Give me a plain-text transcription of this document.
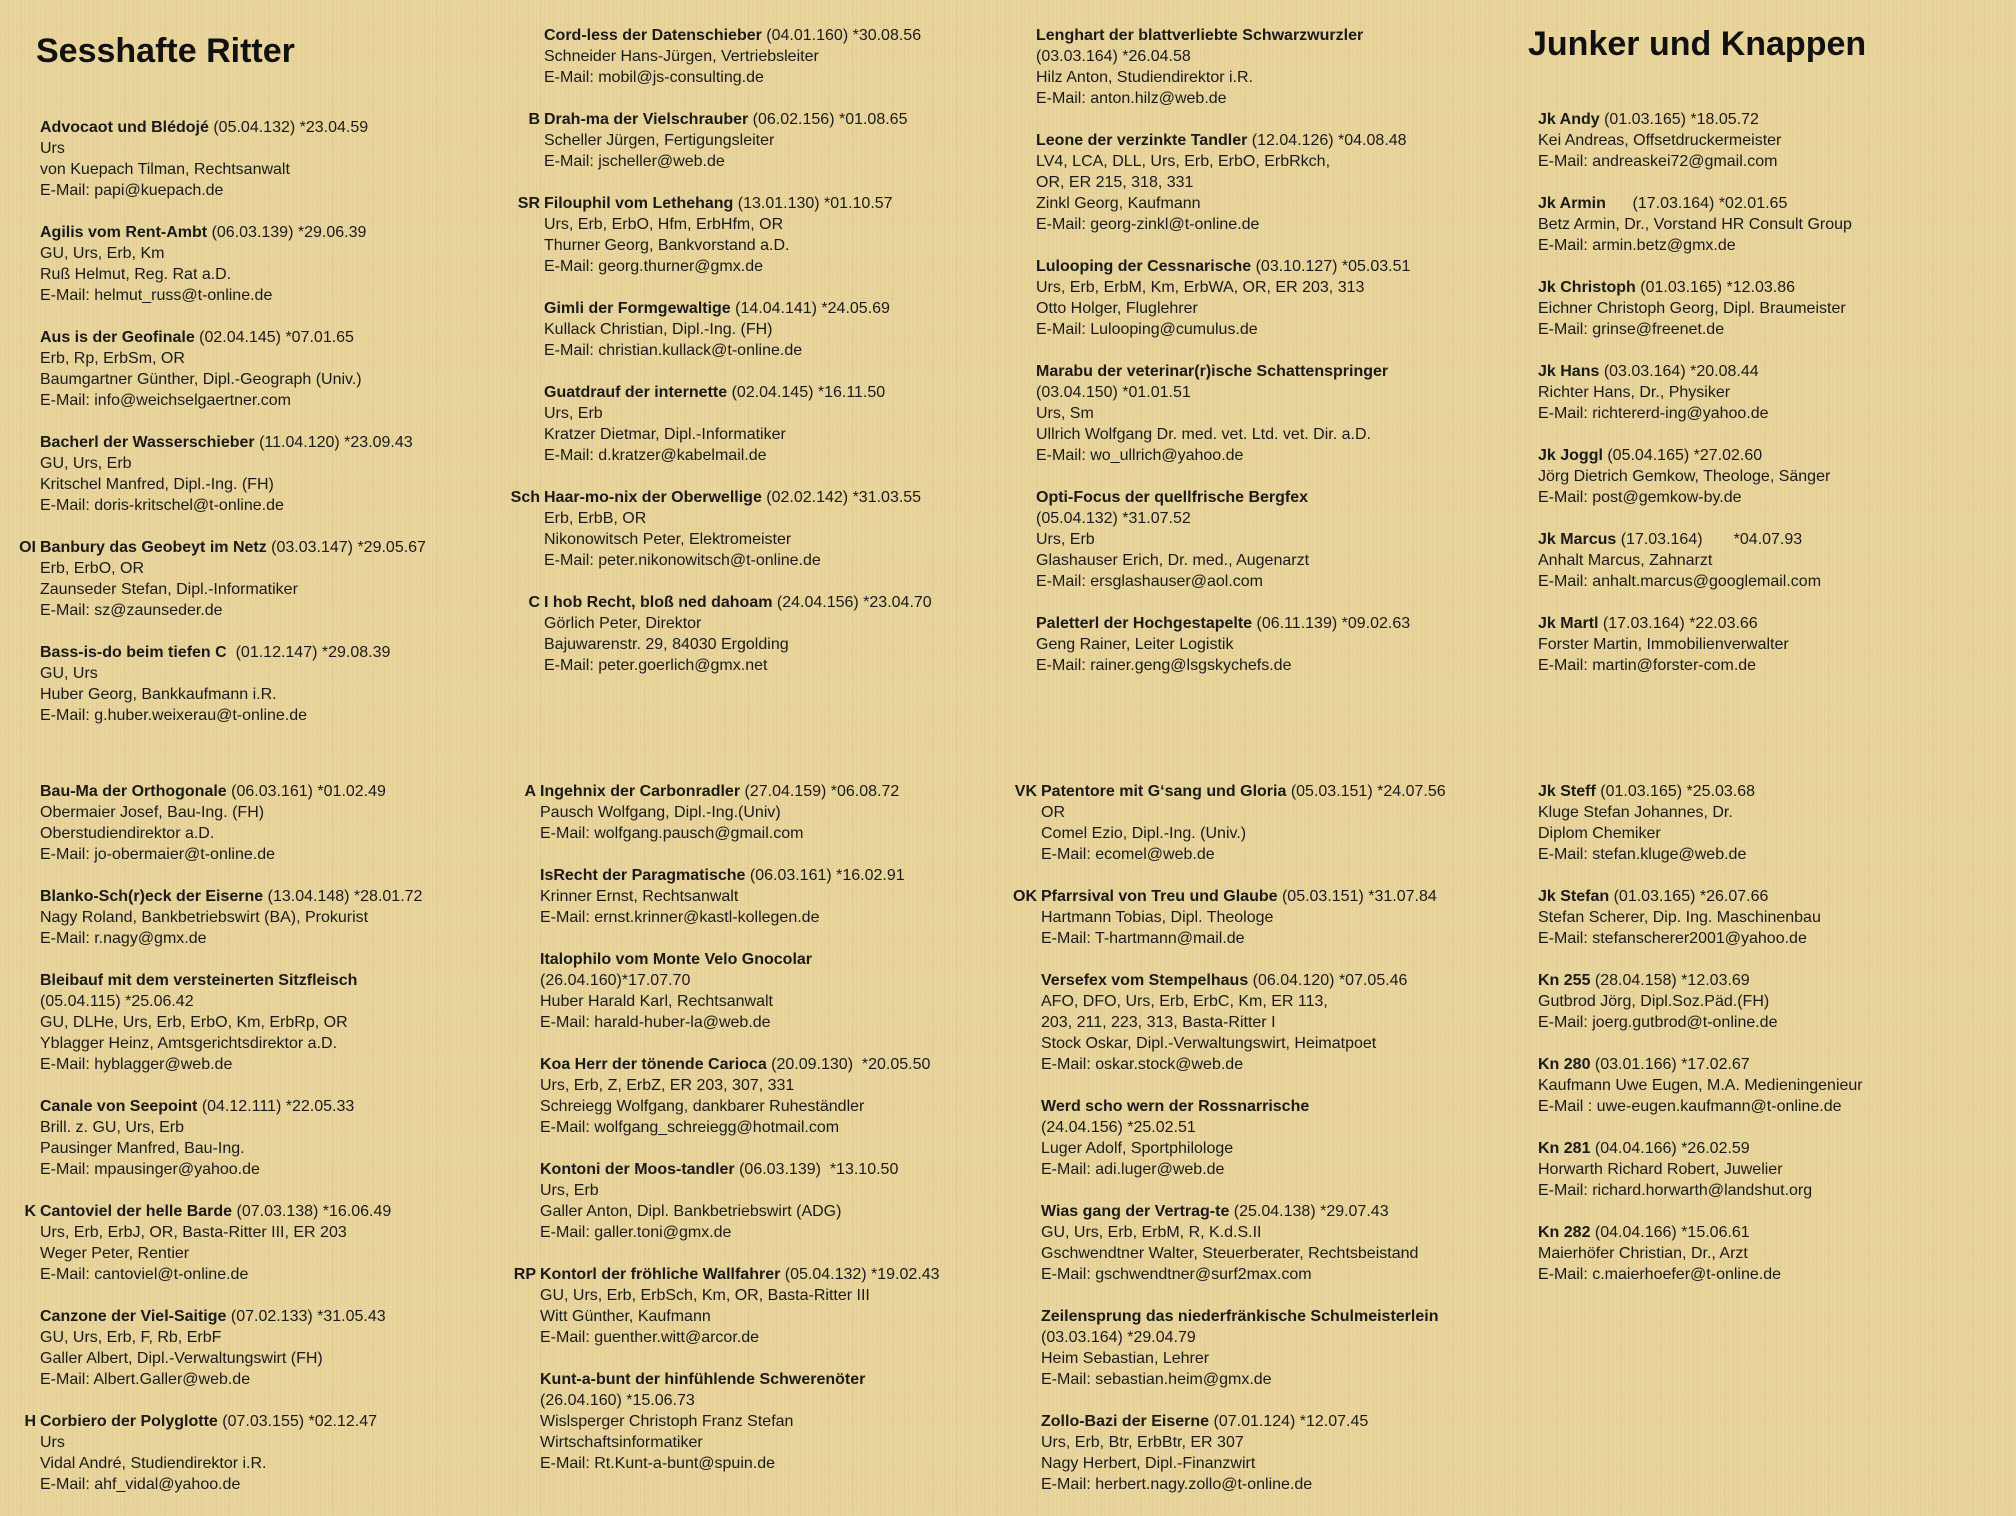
Sesshafte Ritter	Junker und Knappen
Advocaot und Blédojé (05.04.132) *23.04.59
Urs
von Kuepach Tilman, Rechtsanwalt
E-Mail: papi@kuepach.de
Agilis vom Rent-Ambt (06.03.139) *29.06.39
GU, Urs, Erb, Km
Ruß Helmut, Reg. Rat a.D.
E-Mail: helmut_russ@t-online.de
Aus is der Geofinale (02.04.145) *07.01.65
Erb, Rp, ErbSm, OR
Baumgartner Günther, Dipl.-Geograph (Univ.)
E-Mail: info@weichselgaertner.com
Bacherl der Wasserschieber (11.04.120) *23.09.43
GU, Urs, Erb
Kritschel Manfred, Dipl.-Ing. (FH)
E-Mail: doris-kritschel@t-online.de
OI Banbury das Geobeyt im Netz (03.03.147) *29.05.67
Erb, ErbO, OR
Zaunseder Stefan, Dipl.-Informatiker
E-Mail: sz@zaunseder.de
Bass-is-do beim tiefen C  (01.12.147) *29.08.39
GU, Urs
Huber Georg, Bankkaufmann i.R.
E-Mail: g.huber.weixerau@t-online.de
Cord-less der Datenschieber (04.01.160) *30.08.56
Schneider Hans-Jürgen, Vertriebsleiter
E-Mail: mobil@js-consulting.de
B Drah-ma der Vielschrauber (06.02.156) *01.08.65
Scheller Jürgen, Fertigungsleiter
E-Mail: jscheller@web.de
SR Filouphil vom Lethehang (13.01.130) *01.10.57
Urs, Erb, ErbO, Hfm, ErbHfm, OR
Thurner Georg, Bankvorstand a.D.
E-Mail: georg.thurner@gmx.de
Gimli der Formgewaltige (14.04.141) *24.05.69
Kullack Christian, Dipl.-Ing. (FH)
E-Mail: christian.kullack@t-online.de
Guatdrauf der internette (02.04.145) *16.11.50
Urs, Erb
Kratzer Dietmar, Dipl.-Informatiker
E-Mail: d.kratzer@kabelmail.de
Sch Haar-mo-nix der Oberwellige (02.02.142) *31.03.55
Erb, ErbB, OR
Nikonowitsch Peter, Elektromeister
E-Mail: peter.nikonowitsch@t-online.de
C I hob Recht, bloß ned dahoam (24.04.156) *23.04.70
Görlich Peter, Direktor
Bajuwarenstr. 29, 84030 Ergolding
E-Mail: peter.goerlich@gmx.net
Lenghart der blattverliebte Schwarzwurzler
(03.03.164) *26.04.58
Hilz Anton, Studiendirektor i.R.
E-Mail: anton.hilz@web.de
Leone der verzinkte Tandler (12.04.126) *04.08.48
LV4, LCA, DLL, Urs, Erb, ErbO, ErbRkch,
OR, ER 215, 318, 331
Zinkl Georg, Kaufmann
E-Mail: georg-zinkl@t-online.de
Lulooping der Cessnarische (03.10.127) *05.03.51
Urs, Erb, ErbM, Km, ErbWA, OR, ER 203, 313
Otto Holger, Fluglehrer
E-Mail: Lulooping@cumulus.de
Marabu der veterinar(r)ische Schattenspringer
(03.04.150) *01.01.51
Urs, Sm
Ullrich Wolfgang Dr. med. vet. Ltd. vet. Dir. a.D.
E-Mail: wo_ullrich@yahoo.de
Opti-Focus der quellfrische Bergfex
(05.04.132) *31.07.52
Urs, Erb
Glashauser Erich, Dr. med., Augenarzt
E-Mail: ersglashauser@aol.com
Paletterl der Hochgestapelte (06.11.139) *09.02.63
Geng Rainer, Leiter Logistik
E-Mail: rainer.geng@lsgskychefs.de
Jk Andy (01.03.165) *18.05.72
Kei Andreas, Offsetdruckermeister
E-Mail: andreaskei72@gmail.com
Jk Armin      (17.03.164) *02.01.65
Betz Armin, Dr., Vorstand HR Consult Group
E-Mail: armin.betz@gmx.de
Jk Christoph (01.03.165) *12.03.86
Eichner Christoph Georg, Dipl. Braumeister
E-Mail: grinse@freenet.de
Jk Hans (03.03.164) *20.08.44
Richter Hans, Dr., Physiker
E-Mail: richtererd-ing@yahoo.de
Jk Joggl (05.04.165) *27.02.60
Jörg Dietrich Gemkow, Theologe, Sänger
E-Mail: post@gemkow-by.de
Jk Marcus (17.03.164)       *04.07.93
Anhalt Marcus, Zahnarzt
E-Mail: anhalt.marcus@googlemail.com
Jk Martl (17.03.164) *22.03.66
Forster Martin, Immobilienverwalter
E-Mail: martin@forster-com.de
Bau-Ma der Orthogonale (06.03.161) *01.02.49
Obermaier Josef, Bau-Ing. (FH)
Oberstudiendirektor a.D.
E-Mail: jo-obermaier@t-online.de
Blanko-Sch(r)eck der Eiserne (13.04.148) *28.01.72
Nagy Roland, Bankbetriebswirt (BA), Prokurist
E-Mail: r.nagy@gmx.de
Bleibauf mit dem versteinerten Sitzfleisch
(05.04.115) *25.06.42
GU, DLHe, Urs, Erb, ErbO, Km, ErbRp, OR
Yblagger Heinz, Amtsgerichtsdirektor a.D.
E-Mail: hyblagger@web.de
Canale von Seepoint (04.12.111) *22.05.33
Brill. z. GU, Urs, Erb
Pausinger Manfred, Bau-Ing.
E-Mail: mpausinger@yahoo.de
K Cantoviel der helle Barde (07.03.138) *16.06.49
Urs, Erb, ErbJ, OR, Basta-Ritter III, ER 203
Weger Peter, Rentier
E-Mail: cantoviel@t-online.de
Canzone der Viel-Saitige (07.02.133) *31.05.43
GU, Urs, Erb, F, Rb, ErbF
Galler Albert, Dipl.-Verwaltungswirt (FH)
E-Mail: Albert.Galler@web.de
H Corbiero der Polyglotte (07.03.155) *02.12.47
Urs
Vidal André, Studiendirektor i.R.
E-Mail: ahf_vidal@yahoo.de
A Ingehnix der Carbonradler (27.04.159) *06.08.72
Pausch Wolfgang, Dipl.-Ing.(Univ)
E-Mail: wolfgang.pausch@gmail.com
IsRecht der Paragmatische (06.03.161) *16.02.91
Krinner Ernst, Rechtsanwalt
E-Mail: ernst.krinner@kastl-kollegen.de
Italophilo vom Monte Velo Gnocolar
(26.04.160)*17.07.70
Huber Harald Karl, Rechtsanwalt
E-Mail: harald-huber-la@web.de
Koa Herr der tönende Carioca (20.09.130)  *20.05.50
Urs, Erb, Z, ErbZ, ER 203, 307, 331
Schreiegg Wolfgang, dankbarer Ruheständler
E-Mail: wolfgang_schreiegg@hotmail.com
Kontoni der Moos-tandler (06.03.139)  *13.10.50
Urs, Erb
Galler Anton, Dipl. Bankbetriebswirt (ADG)
E-Mail: galler.toni@gmx.de
RP Kontorl der fröhliche Wallfahrer (05.04.132) *19.02.43
GU, Urs, Erb, ErbSch, Km, OR, Basta-Ritter III
Witt Günther, Kaufmann
E-Mail: guenther.witt@arcor.de
Kunt-a-bunt der hinfühlende Schwerenöter
(26.04.160) *15.06.73
Wislsperger Christoph Franz Stefan
Wirtschaftsinformatiker
E-Mail: Rt.Kunt-a-bunt@spuin.de
VK Patentore mit G‘sang und Gloria (05.03.151) *24.07.56
OR
Comel Ezio, Dipl.-Ing. (Univ.)
E-Mail: ecomel@web.de
OK Pfarrsival von Treu und Glaube (05.03.151) *31.07.84
Hartmann Tobias, Dipl. Theologe
E-Mail: T-hartmann@mail.de
Versefex vom Stempelhaus (06.04.120) *07.05.46
AFO, DFO, Urs, Erb, ErbC, Km, ER 113,
203, 211, 223, 313, Basta-Ritter I
Stock Oskar, Dipl.-Verwaltungswirt, Heimatpoet
E-Mail: oskar.stock@web.de
Werd scho wern der Rossnarrische
(24.04.156) *25.02.51
Luger Adolf, Sportphilologe
E-Mail: adi.luger@web.de
Wias gang der Vertrag-te (25.04.138) *29.07.43
GU, Urs, Erb, ErbM, R, K.d.S.II
Gschwendtner Walter, Steuerberater, Rechtsbeistand
E-Mail: gschwendtner@surf2max.com
Zeilensprung das niederfränkische Schulmeisterlein
(03.03.164) *29.04.79
Heim Sebastian, Lehrer
E-Mail: sebastian.heim@gmx.de
Zollo-Bazi der Eiserne (07.01.124) *12.07.45
Urs, Erb, Btr, ErbBtr, ER 307
Nagy Herbert, Dipl.-Finanzwirt
E-Mail: herbert.nagy.zollo@t-online.de
Jk Steff (01.03.165) *25.03.68
Kluge Stefan Johannes, Dr.
Diplom Chemiker
E-Mail: stefan.kluge@web.de
Jk Stefan (01.03.165) *26.07.66
Stefan Scherer, Dip. Ing. Maschinenbau
E-Mail: stefanscherer2001@yahoo.de
Kn 255 (28.04.158) *12.03.69
Gutbrod Jörg, Dipl.Soz.Päd.(FH)
E-Mail: joerg.gutbrod@t-online.de
Kn 280 (03.01.166) *17.02.67
Kaufmann Uwe Eugen, M.A. Medieningenieur
E-Mail : uwe-eugen.kaufmann@t-online.de
Kn 281 (04.04.166) *26.02.59
Horwarth Richard Robert, Juwelier
E-Mail: richard.horwarth@landshut.org
Kn 282 (04.04.166) *15.06.61
Maierhöfer Christian, Dr., Arzt
E-Mail: c.maierhoefer@t-online.de
